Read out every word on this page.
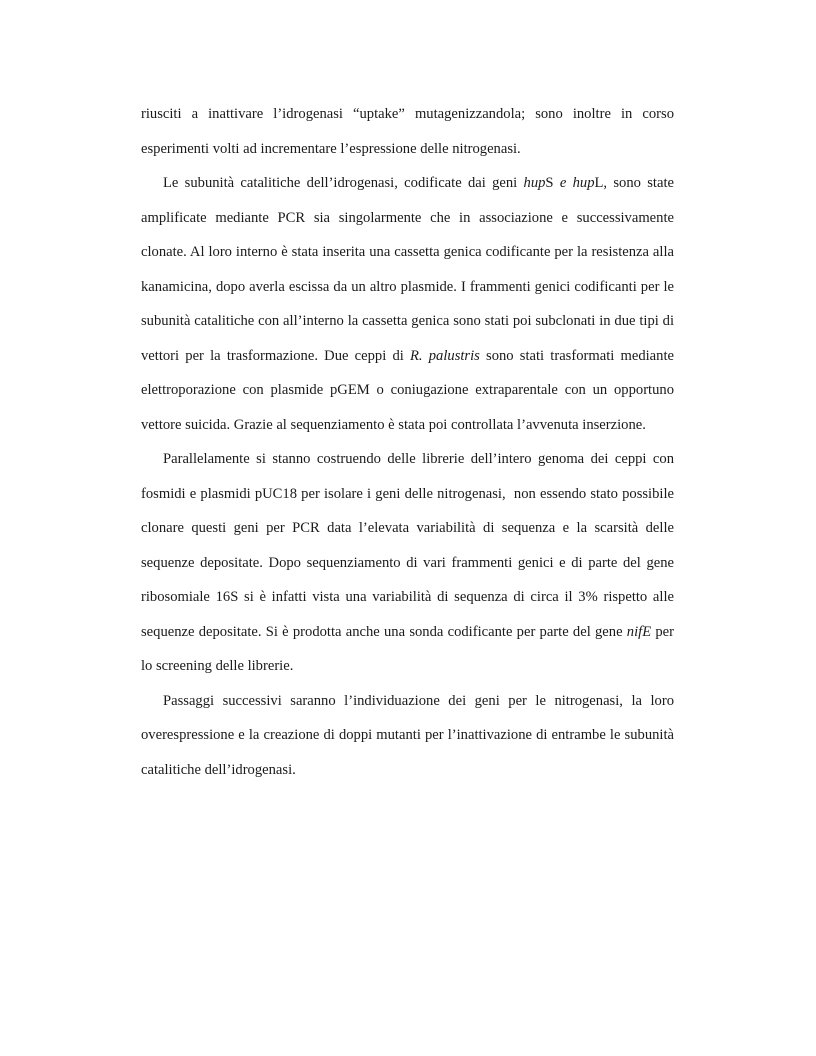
riusciti a inattivare l’idrogenasi “uptake” mutagenizzandola; sono inoltre in corso esperimenti volti ad incrementare l’espressione delle nitrogenasi.

Le subunità catalitiche dell’idrogenasi, codificate dai geni hupS e hupL, sono state amplificate mediante PCR sia singolarmente che in associazione e successivamente clonate. Al loro interno è stata inserita una cassetta genica codificante per la resistenza alla kanamicina, dopo averla escissa da un altro plasmide. I frammenti genici codificanti per le subunità catalitiche con all’interno la cassetta genica sono stati poi subclonati in due tipi di vettori per la trasformazione. Due ceppi di R. palustris sono stati trasformati mediante elettroporazione con plasmide pGEM o coniugazione extraparentale con un opportuno vettore suicida. Grazie al sequenziamento è stata poi controllata l’avvenuta inserzione.

Parallelamente si stanno costruendo delle librerie dell’intero genoma dei ceppi con fosmidi e plasmidi pUC18 per isolare i geni delle nitrogenasi,  non essendo stato possibile clonare questi geni per PCR data l’elevata variabilità di sequenza e la scarsità delle sequenze depositate. Dopo sequenziamento di vari frammenti genici e di parte del gene ribosomiale 16S si è infatti vista una variabilità di sequenza di circa il 3% rispetto alle sequenze depositate. Si è prodotta anche una sonda codificante per parte del gene nifE per lo screening delle librerie.

Passaggi successivi saranno l’individuazione dei geni per le nitrogenasi, la loro overespressione e la creazione di doppi mutanti per l’inattivazione di entrambe le subunità catalitiche dell’idrogenasi.
